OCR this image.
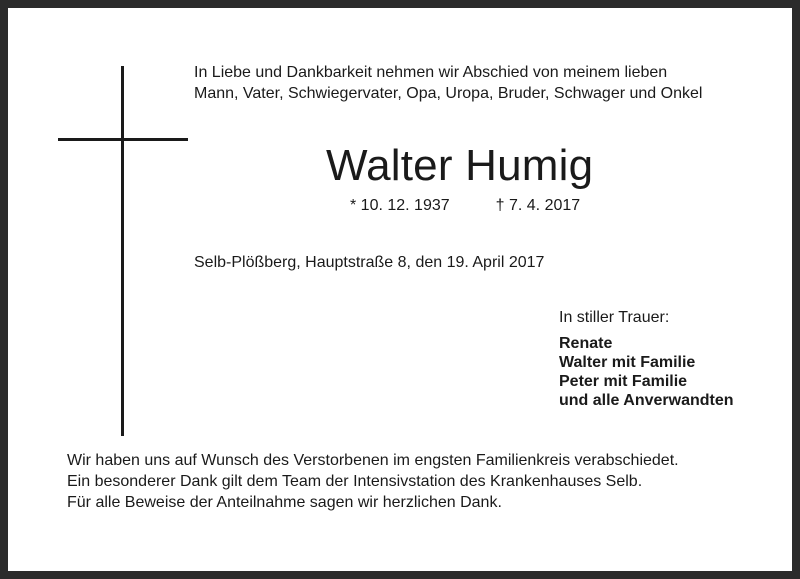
In Liebe und Dankbarkeit nehmen wir Abschied von meinem lieben
Mann, Vater, Schwiegervater, Opa, Uropa, Bruder, Schwager und Onkel
Walter Humig
* 10. 12. 1937	† 7. 4. 2017
Selb-Plößberg, Hauptstraße 8, den 19. April 2017
In stiller Trauer:
Renate
Walter mit Familie
Peter mit Familie
und alle Anverwandten
Wir haben uns auf Wunsch des Verstorbenen im engsten Familienkreis verabschiedet.
Ein besonderer Dank gilt dem Team der Intensivstation des Krankenhauses Selb.
Für alle Beweise der Anteilnahme sagen wir herzlichen Dank.
